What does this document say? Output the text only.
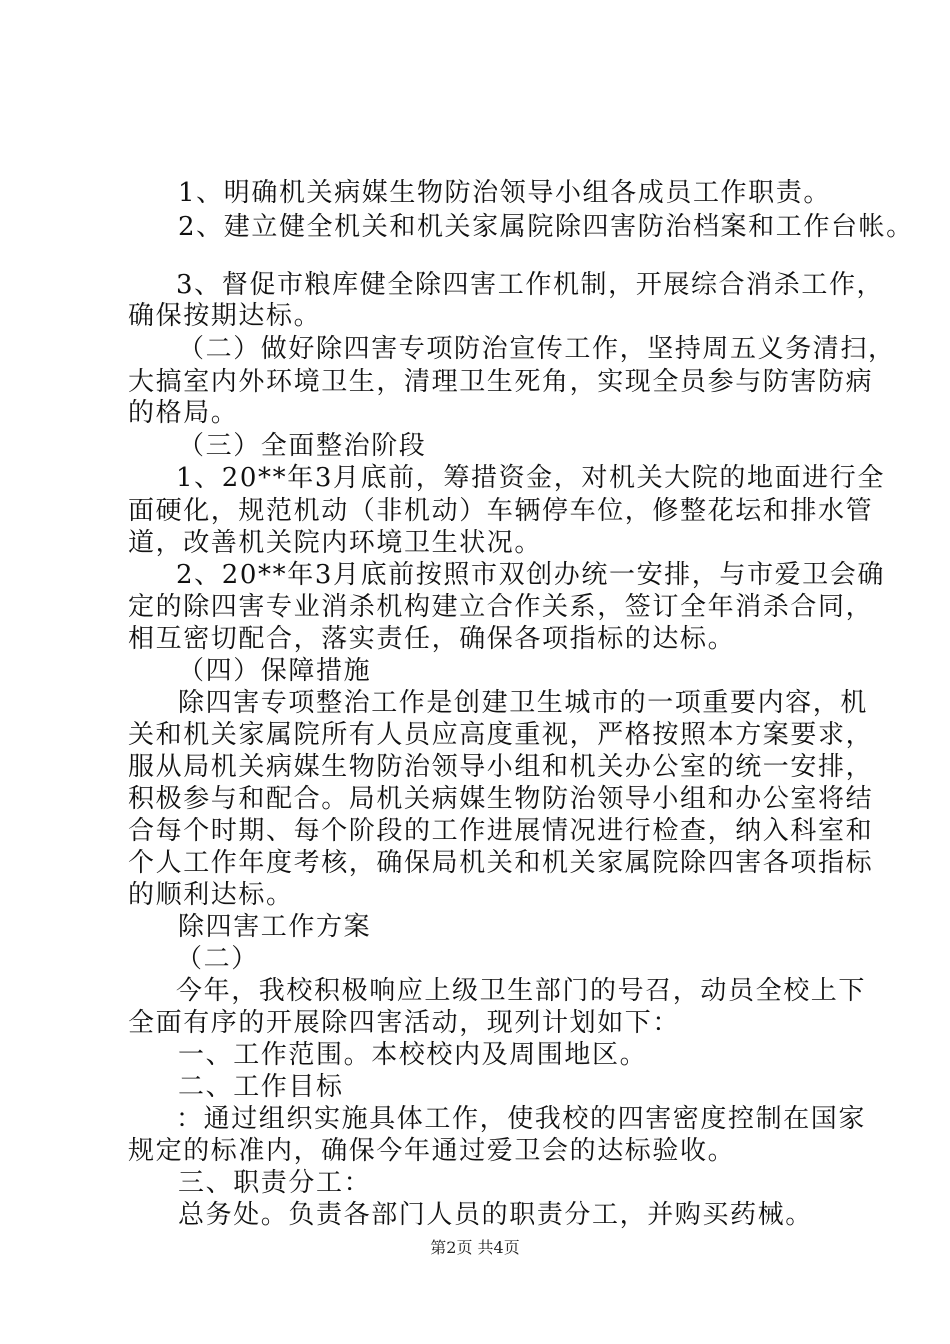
1、明确机关病媒生物防治领导小组各成员工作职责。
2、建立健全机关和机关家属院除四害防治档案和工作台帐。
3、督促市粮库健全除四害工作机制，开展综合消杀工作，
确保按期达标。
（二）做好除四害专项防治宣传工作，坚持周五义务清扫，
大搞室内外环境卫生，清理卫生死角，实现全员参与防害防病
的格局。
（三）全面整治阶段
1、20**年3月底前，筹措资金，对机关大院的地面进行全
面硬化，规范机动（非机动）车辆停车位，修整花坛和排水管
道，改善机关院内环境卫生状况。
2、20**年3月底前按照市双创办统一安排，与市爱卫会确
定的除四害专业消杀机构建立合作关系，签订全年消杀合同，
相互密切配合，落实责任，确保各项指标的达标。
（四）保障措施
除四害专项整治工作是创建卫生城市的一项重要内容，机
关和机关家属院所有人员应高度重视，严格按照本方案要求，
服从局机关病媒生物防治领导小组和机关办公室的统一安排，
积极参与和配合。局机关病媒生物防治领导小组和办公室将结
合每个时期、每个阶段的工作进展情况进行检查，纳入科室和
个人工作年度考核，确保局机关和机关家属院除四害各项指标
的顺利达标。
除四害工作方案
（二）
今年，我校积极响应上级卫生部门的号召，动员全校上下
全面有序的开展除四害活动，现列计划如下：
一、工作范围。本校校内及周围地区。
二、工作目标
：通过组织实施具体工作，使我校的四害密度控制在国家
规定的标准内，确保今年通过爱卫会的达标验收。
三、职责分工：
总务处。负责各部门人员的职责分工，并购买药械。
第2页 共4页
